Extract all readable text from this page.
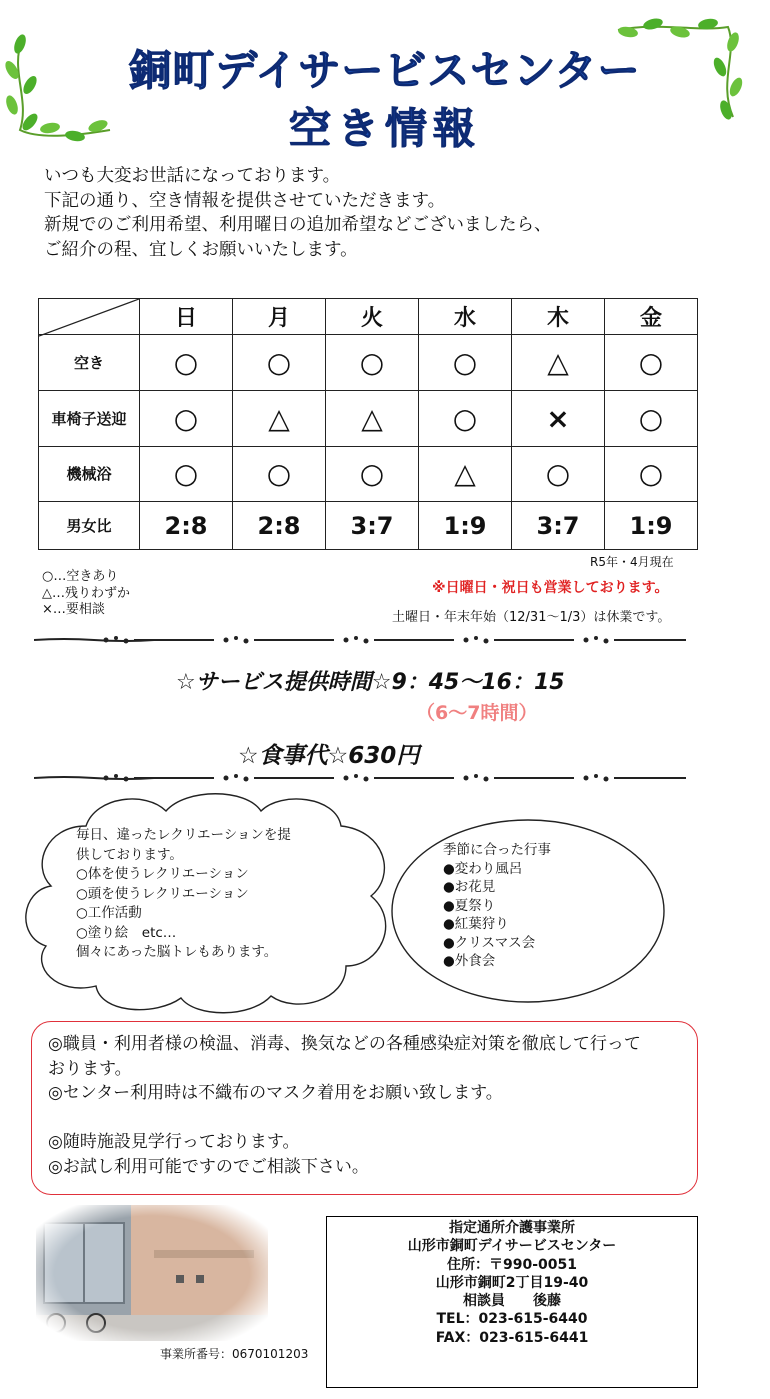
銅町デイサービスセンター
空き情報
いつも大変お世話になっております。
下記の通り、空き情報を提供させていただきます。
新規でのご利用希望、利用曜日の追加希望などございましたら、
ご紹介の程、宜しくお願いいたします。
	日	月	火	水	木	金
空き	○	○	○	○	△	○
車椅子送迎	○	△	△	○	×	○
機械浴	○	○	○	△	○	○
男女比	2:8	2:8	3:7	1:9	3:7	1:9
R5年・4月現在
○…空きあり
△…残りわずか
×…要相談
※日曜日・祝日も営業しております。
土曜日・年末年始（12/31～1/3）は休業です。
☆サービス提供時間☆9：45～16：15
（6～7時間）
☆食事代☆630円
毎日、違ったレクリエーションを提
供しております。
○体を使うレクリエーション
○頭を使うレクリエーション
○工作活動
○塗り絵　etc…
個々にあった脳トレもあります。
季節に合った行事
●変わり風呂
●お花見
●夏祭り
●紅葉狩り
●クリスマス会
●外食会
◎職員・利用者様の検温、消毒、換気などの各種感染症対策を徹底して行って
おります。
◎センター利用時は不織布のマスク着用をお願い致します。
◎随時施設見学行っております。
◎お試し利用可能ですのでご相談下さい。
事業所番号：0670101203
指定通所介護事業所
山形市銅町デイサービスセンター
住所：〒990-0051
山形市銅町2丁目19-40
相談員　　後藤
TEL：023-615-6440
FAX：023-615-6441
